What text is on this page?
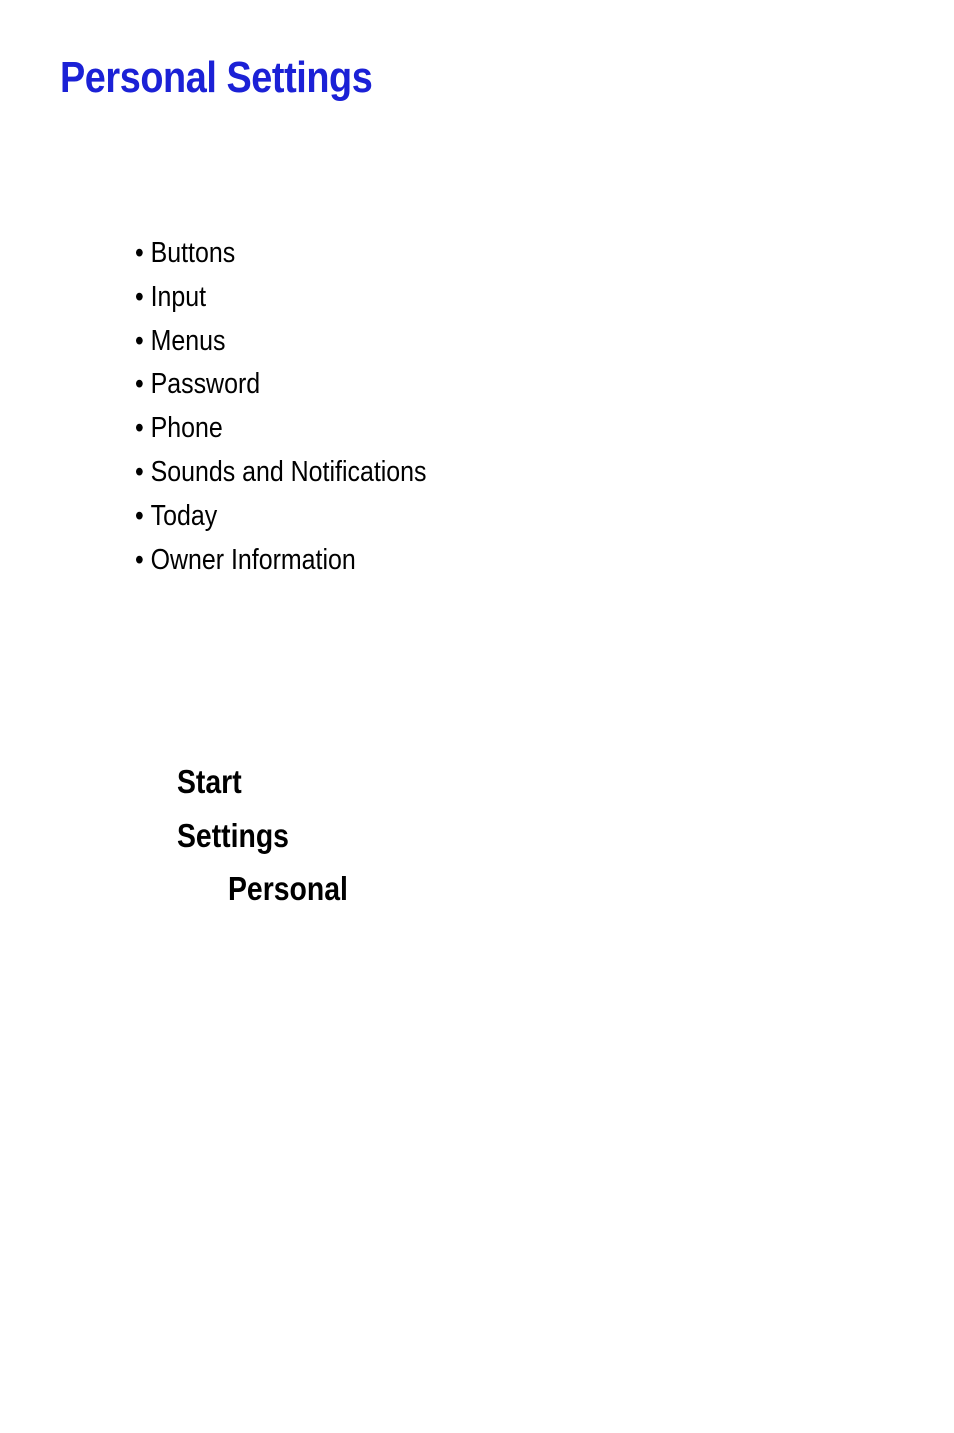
Personal Settings
• Buttons
• Input
• Menus
• Password
• Phone
• Sounds and Notifications
• Today
• Owner Information
Start
Settings
Personal
